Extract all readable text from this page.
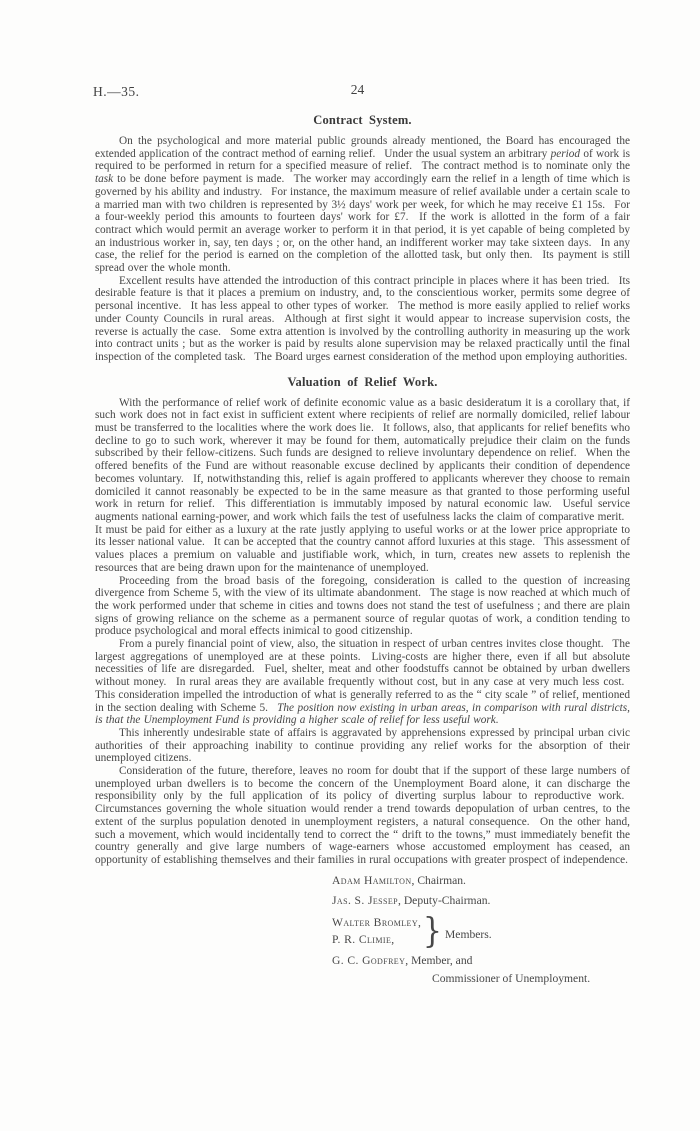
H.—35.	24
Contract System.

On the psychological and more material public grounds already mentioned, the Board has encouraged the extended application of the contract method of earning relief.  Under the usual system an arbitrary period of work is required to be performed in return for a specified measure of relief.  The contract method is to nominate only the task to be done before payment is made.  The worker may accordingly earn the relief in a length of time which is governed by his ability and industry.  For instance, the maximum measure of relief available under a certain scale to a married man with two children is represented by 3½ days' work per week, for which he may receive £1 15s.  For a four-weekly period this amounts to fourteen days' work for £7.  If the work is allotted in the form of a fair contract which would permit an average worker to perform it in that period, it is yet capable of being completed by an industrious worker in, say, ten days ; or, on the other hand, an indifferent worker may take sixteen days.  In any case, the relief for the period is earned on the completion of the allotted task, but only then.  Its payment is still spread over the whole month.

Excellent results have attended the introduction of this contract principle in places where it has been tried.  Its desirable feature is that it places a premium on industry, and, to the conscientious worker, permits some degree of personal incentive.  It has less appeal to other types of worker.  The method is more easily applied to relief works under County Councils in rural areas.  Although at first sight it would appear to increase supervision costs, the reverse is actually the case.  Some extra attention is involved by the controlling authority in measuring up the work into contract units ; but as the worker is paid by results alone supervision may be relaxed practically until the final inspection of the completed task.  The Board urges earnest consideration of the method upon employing authorities.

Valuation of Relief Work.

With the performance of relief work of definite economic value as a basic desideratum it is a corollary that, if such work does not in fact exist in sufficient extent where recipients of relief are normally domiciled, relief labour must be transferred to the localities where the work does lie.  It follows, also, that applicants for relief benefits who decline to go to such work, wherever it may be found for them, automatically prejudice their claim on the funds subscribed by their fellow-citizens. Such funds are designed to relieve involuntary dependence on relief.  When the offered benefits of the Fund are without reasonable excuse declined by applicants their condition of dependence becomes voluntary.  If, notwithstanding this, relief is again proffered to applicants wherever they choose to remain domiciled it cannot reasonably be expected to be in the same measure as that granted to those performing useful work in return for relief.  This differentiation is immutably imposed by natural economic law.  Useful service augments national earning-power, and work which fails the test of usefulness lacks the claim of comparative merit.  It must be paid for either as a luxury at the rate justly applying to useful works or at the lower price appropriate to its lesser national value.  It can be accepted that the country cannot afford luxuries at this stage.  This assessment of values places a premium on valuable and justifiable work, which, in turn, creates new assets to replenish the resources that are being drawn upon for the maintenance of unemployed.

Proceeding from the broad basis of the foregoing, consideration is called to the question of increasing divergence from Scheme 5, with the view of its ultimate abandonment.  The stage is now reached at which much of the work performed under that scheme in cities and towns does not stand the test of usefulness ; and there are plain signs of growing reliance on the scheme as a permanent source of regular quotas of work, a condition tending to produce psychological and moral effects inimical to good citizenship.

From a purely financial point of view, also, the situation in respect of urban centres invites close thought.  The largest aggregations of unemployed are at these points.  Living-costs are higher there, even if all but absolute necessities of life are disregarded.  Fuel, shelter, meat and other foodstuffs cannot be obtained by urban dwellers without money.  In rural areas they are available frequently without cost, but in any case at very much less cost.  This consideration impelled the introduction of what is generally referred to as the “ city scale ” of relief, mentioned in the section dealing with Scheme 5.  The position now existing in urban areas, in comparison with rural districts, is that the Unemployment Fund is providing a higher scale of relief for less useful work.

This inherently undesirable state of affairs is aggravated by apprehensions expressed by principal urban civic authorities of their approaching inability to continue providing any relief works for the absorption of their unemployed citizens.

Consideration of the future, therefore, leaves no room for doubt that if the support of these large numbers of unemployed urban dwellers is to become the concern of the Unemployment Board alone, it can discharge the responsibility only by the full application of its policy of diverting surplus labour to reproductive work.  Circumstances governing the whole situation would render a trend towards depopulation of urban centres, to the extent of the surplus population denoted in unemployment registers, a natural consequence.  On the other hand, such a movement, which would incidentally tend to correct the “ drift to the towns,” must immediately benefit the country generally and give large numbers of wage-earners whose accustomed employment has ceased, an opportunity of establishing themselves and their families in rural occupations with greater prospect of independence.

Adam Hamilton, Chairman.
Jas. S. Jessep, Deputy-Chairman.
Walter Bromley,
P. R. Climie, } Members.
G. C. Godfrey, Member, and
Commissioner of Unemployment.
